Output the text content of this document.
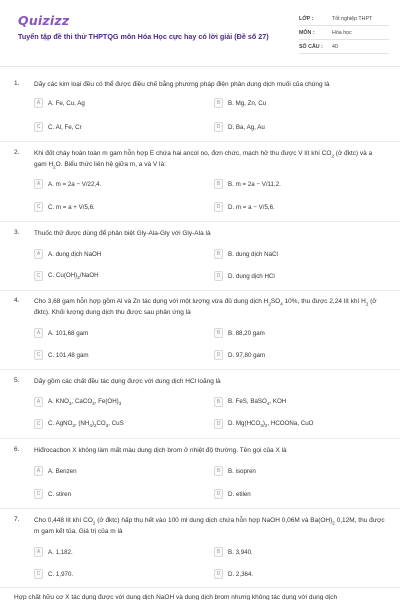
Quizizz
Tuyển tập đề thi thử THPTQG môn Hóa Học cực hay có lời giải (Đề số 27)
LỚP :	Tốt nghiệp THPT
MÔN :	Hóa học
SỐ CÂU :	40
1. Dãy các kim loại đều có thể được điều chế bằng phương pháp điện phân dung dịch muối của chúng là
A	A. Fe, Cu, Ag	B	B. Mg, Zn, Cu
C	C. Al, Fe, Cr	D	D. Ba, Ag, Au
2. Khi đốt cháy hoàn toàn m gam hỗn hợp E chứa hai ancol no, đơn chức, mạch hở thu được V lít khí $CO_2$ (ở đktc) và a gam $H_2O$. Biểu thức liên hệ giữa m, a và V là:
A	A. m = 2a − V/22,4.	B	B. m = 2a − V/11,2.
C	C. m = a + V/5,6.	D	D. m = a − V/5,6.
3. Thuốc thử được dùng để phân biệt Gly-Ala-Gly với Gly-Ala là
A	A. dung dịch NaOH	B	B. dung dịch NaCl
C	C. $Cu(OH)_2$/NaOH	D	D. dung dịch HCl
4. Cho 3,68 gam hỗn hợp gồm Al và Zn tác dụng với một lượng vừa đủ dung dịch $H_2SO_4$ 10%, thu được 2,24 lít khí $H_2$ (ở đktc). Khối lượng dung dịch thu được sau phản ứng là
A	A. 101,68 gam	B	B. 88,20 gam
C	C. 101,48 gam	D	D. 97,80 gam
5. Dãy gồm các chất đều tác dụng được với dung dịch HCl loãng là
A	A. $KNO_3$, CaCO$_3$, $Fe(OH)_3$	B	B. FeS, BaSO$_4$, KOH
C	C. AgNO$_3$, $(NH_4)_2CO_3$, CuS	D	D. $Mg(HCO_3)_2$, HCOONa, CuO
6. Hiđrocacbon X không làm mất màu dung dịch brom ở nhiệt độ thường. Tên gọi của X là
A	A. Benzen	B	B. isopren
C	C. stiren	D	D. etilen
7. Cho 0,448 lít khí $CO_2$ (ở đktc) hấp thụ hết vào 100 ml dung dịch chứa hỗn hợp NaOH 0,06M và $Ba(OH)_2$ 0,12M, thu được m gam kết tủa. Giá trị của m là
A	A. 1,182.	B	B. 3,940.
C	C. 1,970.	D	D. 2,364.
Hợp chất hữu cơ X tác dụng được với dung dịch NaOH và dung dịch brom nhưng không tác dụng với dung dịch
